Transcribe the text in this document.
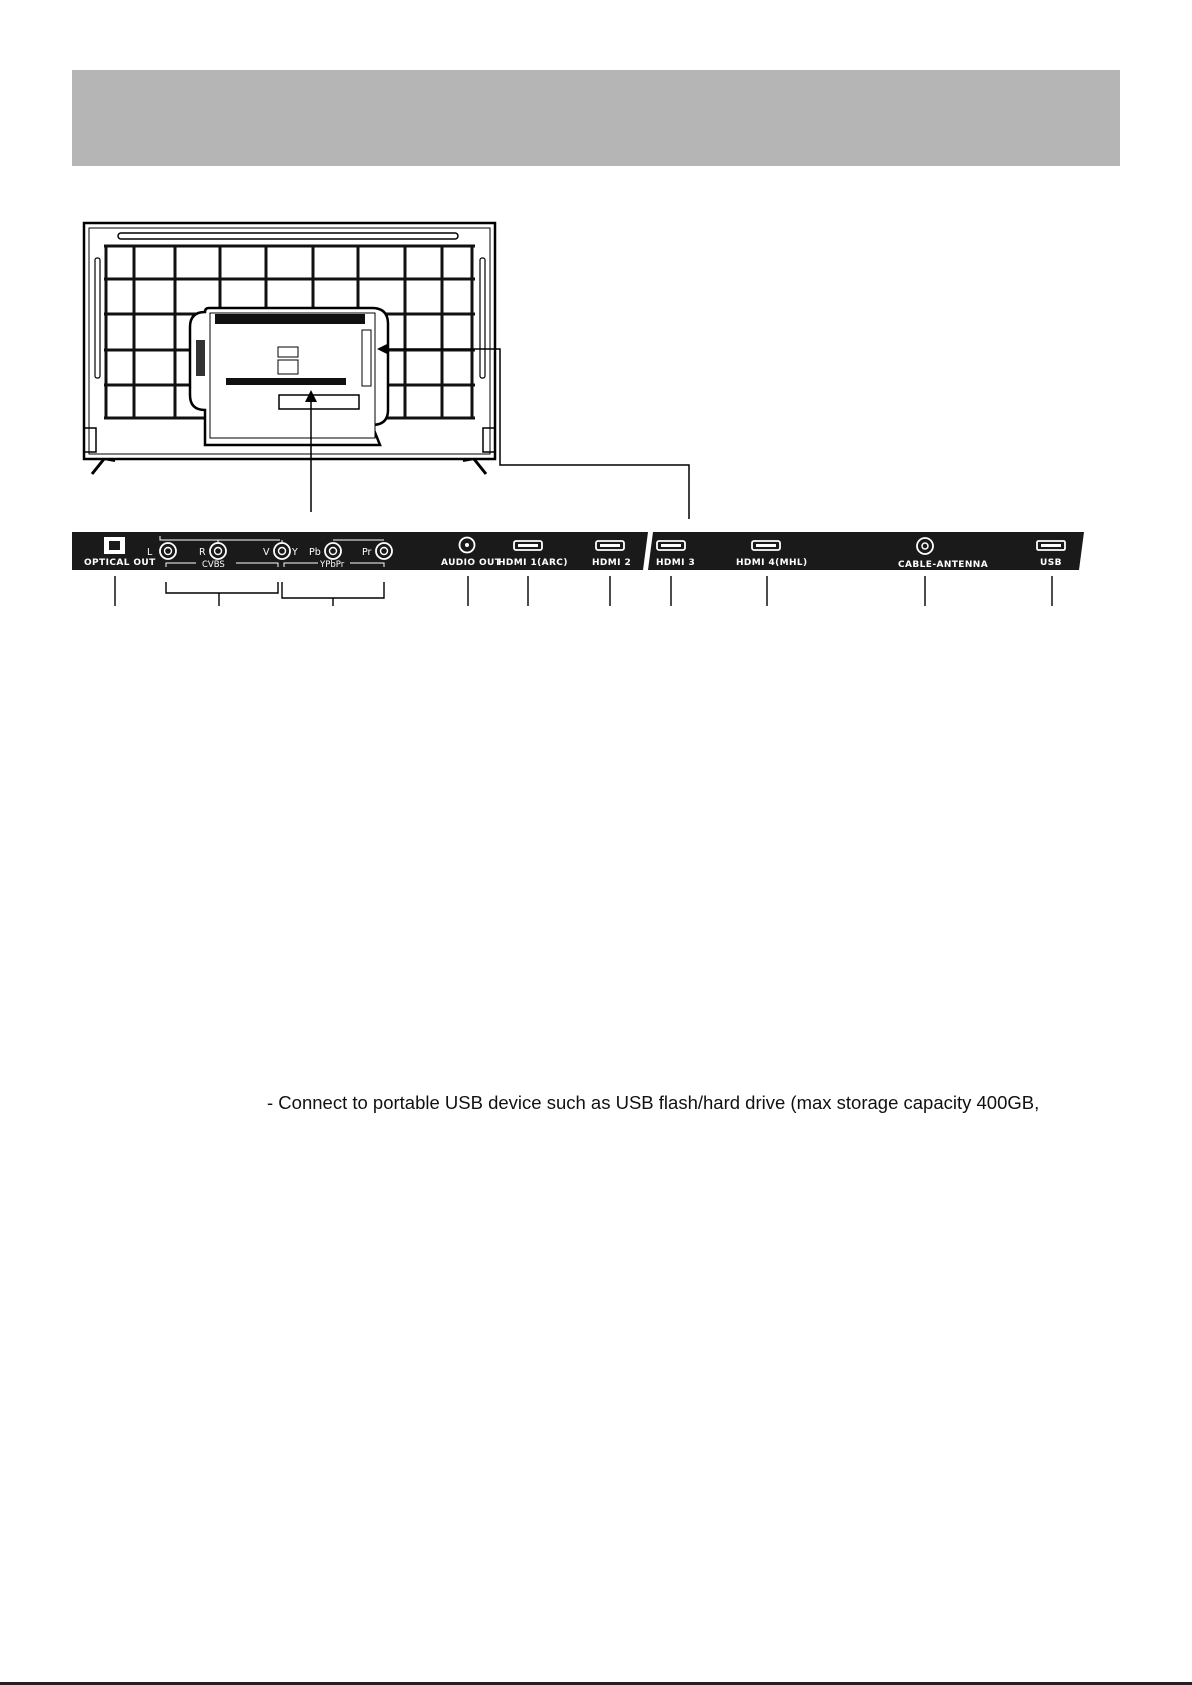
OPTICAL OUT
L	R	V Y Pb	Pr
CVBS	YPbPr	AUDIO OUT
HDMI 1(ARC)	HDMI 2	HDMI 3	HDMI 4(MHL)	CABLE-ANTENNA	USB
- Connect to portable USB device such as USB flash/hard drive (max storage capacity 400GB,
